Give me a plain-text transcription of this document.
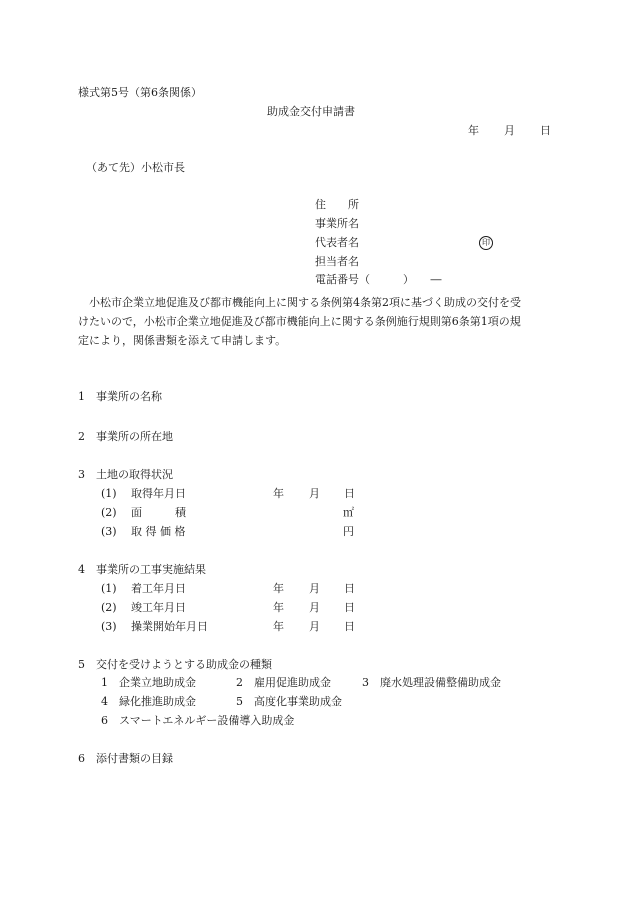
様式第5号（第6条関係）
助成金交付申請書
年 月 日
（あて先）小松市長
住　　所
事業所名
代表者名	印
担当者名
電話番号（　　　）　　―
小松市企業立地促進及び都市機能向上に関する条例第4条第2項に基づく助成の交付を受
けたいので，小松市企業立地促進及び都市機能向上に関する条例施行規則第6条第1項の規
定により，関係書類を添えて申請します。
1　事業所の名称
2　事業所の所在地
3　土地の取得状況
(1) 取得年月日	年 月 日
(2) 面　　　積	㎡
(3) 取 得 価 格	円
4　事業所の工事実施結果
(1) 着工年月日	年 月 日
(2) 竣工年月日	年 月 日
(3) 操業開始年月日	年 月 日
5　交付を受けようとする助成金の種類
1　企業立地助成金	2　雇用促進助成金	3　廃水処理設備整備助成金
4　緑化推進助成金	5　高度化事業助成金
6　スマートエネルギー設備導入助成金
6　添付書類の目録
